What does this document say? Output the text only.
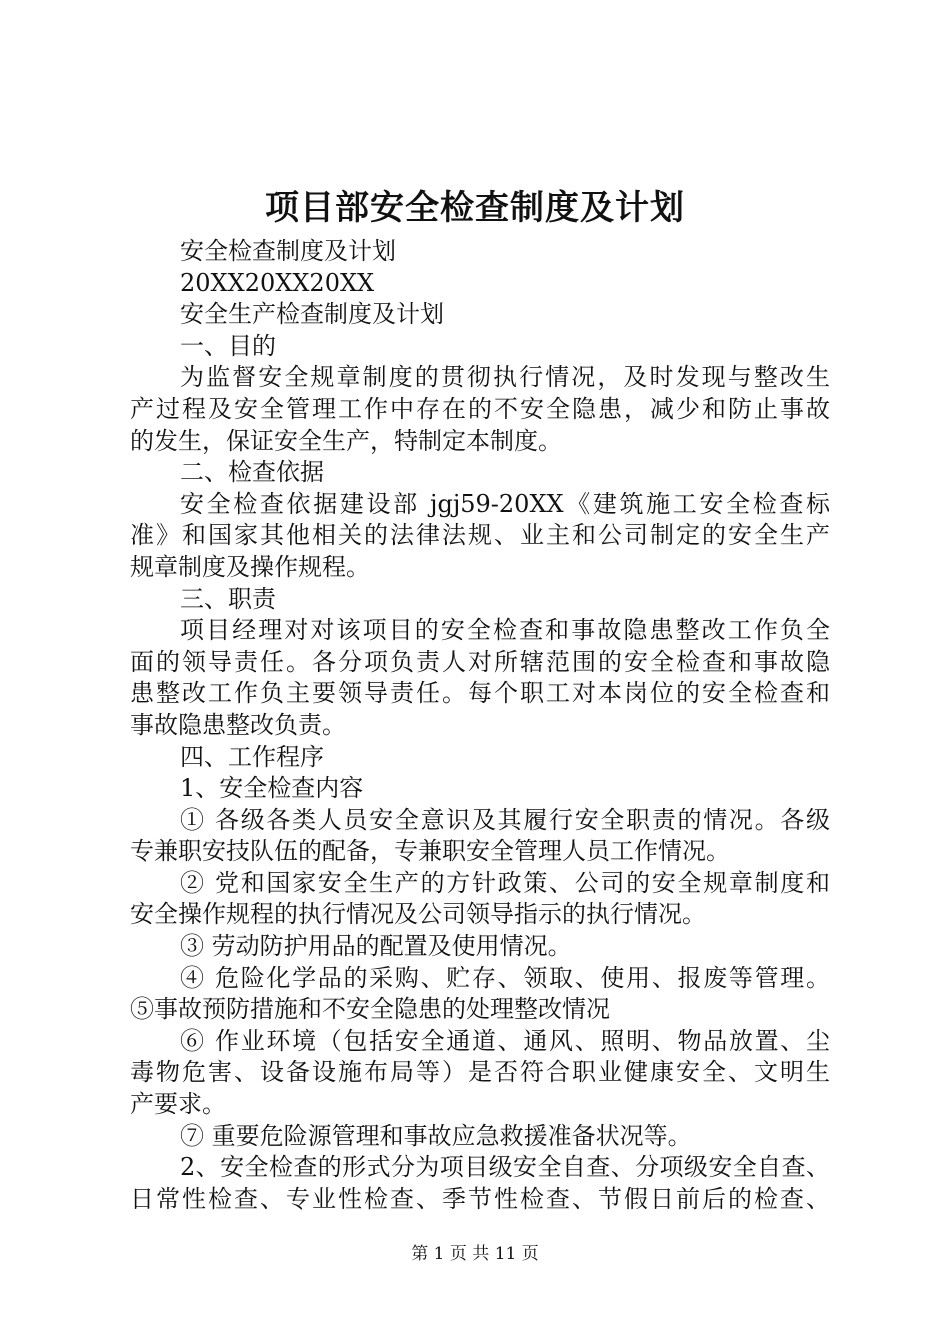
项目部安全检查制度及计划
安全检查制度及计划
20XX20XX20XX
安全生产检查制度及计划
一、目的
为监督安全规章制度的贯彻执行情况，及时发现与整改生
产过程及安全管理工作中存在的不安全隐患，减少和防止事故
的发生，保证安全生产，特制定本制度。
二、检查依据
安全检查依据建设部 jgj59-20XX《建筑施工安全检查标
准》和国家其他相关的法律法规、业主和公司制定的安全生产
规章制度及操作规程。
三、职责
项目经理对对该项目的安全检查和事故隐患整改工作负全
面的领导责任。各分项负责人对所辖范围的安全检查和事故隐
患整改工作负主要领导责任。每个职工对本岗位的安全检查和
事故隐患整改负责。
四、工作程序
1、安全检查内容
① 各级各类人员安全意识及其履行安全职责的情况。各级
专兼职安技队伍的配备，专兼职安全管理人员工作情况。
② 党和国家安全生产的方针政策、公司的安全规章制度和
安全操作规程的执行情况及公司领导指示的执行情况。
③ 劳动防护用品的配置及使用情况。
④ 危险化学品的采购、贮存、领取、使用、报废等管理。
⑤事故预防措施和不安全隐患的处理整改情况
⑥ 作业环境（包括安全通道、通风、照明、物品放置、尘
毒物危害、设备设施布局等）是否符合职业健康安全、文明生
产要求。
⑦ 重要危险源管理和事故应急救援准备状况等。
2、安全检查的形式分为项目级安全自查、分项级安全自查、
日常性检查、专业性检查、季节性检查、节假日前后的检查、
第 1 页 共 11 页
